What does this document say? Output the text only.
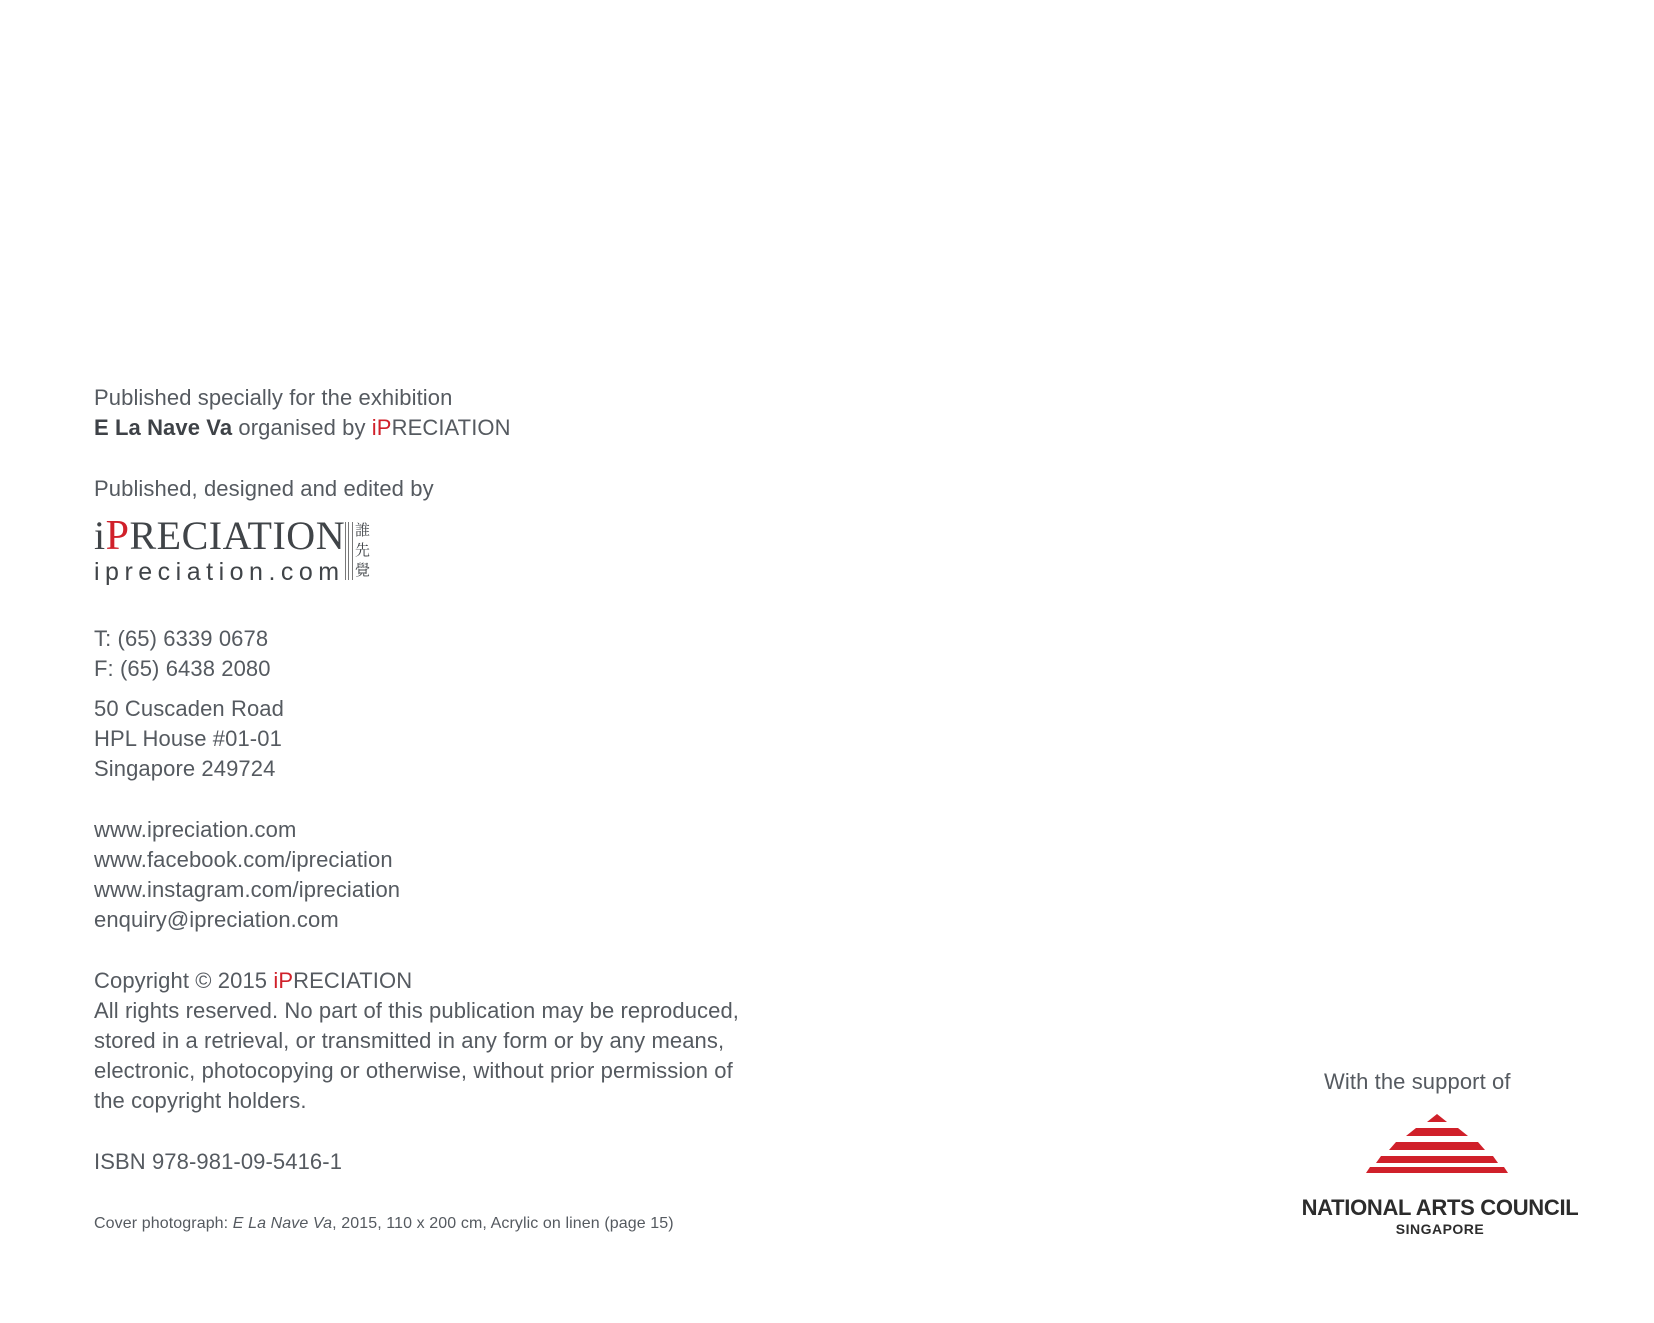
Published specially for the exhibition
E La Nave Va organised by iPRECIATION
Published, designed and edited by
iPRECIATION
ipreciation.com
誰先覺
T: (65) 6339 0678
F: (65) 6438 2080
50 Cuscaden Road
HPL House #01-01
Singapore 249724
www.ipreciation.com
www.facebook.com/ipreciation
www.instagram.com/ipreciation
enquiry@ipreciation.com
Copyright © 2015 iPRECIATION
All rights reserved. No part of this publication may be reproduced,
stored in a retrieval, or transmitted in any form or by any means,
electronic, photocopying or otherwise, without prior permission of
the copyright holders.
ISBN 978-981-09-5416-1
Cover photograph: E La Nave Va, 2015, 110 x 200 cm, Acrylic on linen (page 15)
With the support of
NATIONAL ARTS COUNCIL
SINGAPORE
